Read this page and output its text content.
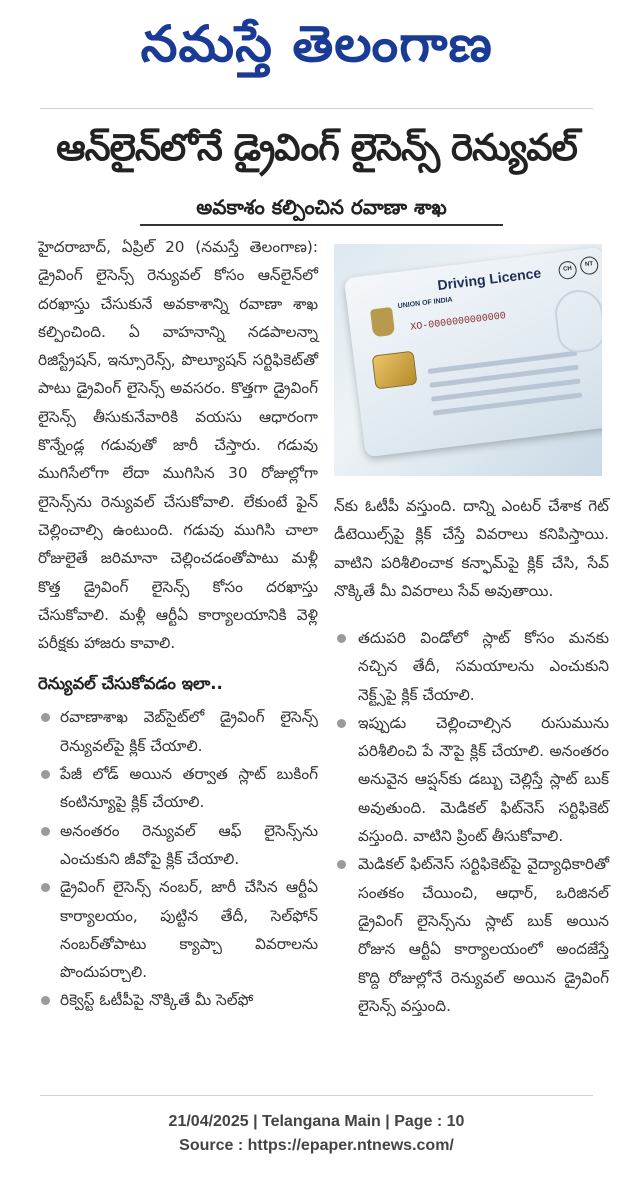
నమస్తే తెలంగాణ
ఆన్‌లైన్‌లోనే డ్రైవింగ్ లైసెన్స్ రెన్యువల్
అవకాశం కల్పించిన రవాణా శాఖ

హైదరాబాద్, ఏప్రిల్ 20 (నమస్తే తెలంగాణ): డ్రైవింగ్ లైసెన్స్ రెన్యువల్ కోసం ఆన్‌లైన్‌లో దరఖాస్తు చేసుకునే అవకాశాన్ని రవాణా శాఖ కల్పించింది. ఏ వాహనాన్ని నడపాలన్నా రిజిస్ట్రేషన్, ఇన్సూరెన్స్, పొల్యూషన్ సర్టిఫికెట్‌తో పాటు డ్రైవింగ్ లైసెన్స్ అవసరం. కొత్తగా డ్రైవింగ్ లైసెన్స్ తీసుకునేవారికి వయసు ఆధారంగా కొన్నేండ్ల గడువుతో జారీ చేస్తారు. గడువు ముగిసేలోగా లేదా ముగిసిన 30 రోజుల్లోగా లైసెన్స్‌ను రెన్యువల్ చేసుకోవాలి. లేకుంటే ఫైన్ చెల్లించాల్సి ఉంటుంది. గడువు ముగిసి చాలా రోజులైతే జరిమానా చెల్లించడంతోపాటు మళ్లీ కొత్త డ్రైవింగ్ లైసెన్స్ కోసం దరఖాస్తు చేసుకోవాలి. మళ్లీ ఆర్టీఏ కార్యాలయానికి వెళ్లి పరీక్షకు హాజరు కావాలి.

రెన్యువల్ చేసుకోవడం ఇలా..
రవాణాశాఖ వెబ్‌సైట్‌లో డ్రైవింగ్ లైసెన్స్ రెన్యువల్‌పై క్లిక్ చేయాలి.
పేజీ లోడ్ అయిన తర్వాత స్లాట్ బుకింగ్ కంటిన్యూపై క్లిక్ చేయాలి.
అనంతరం రెన్యువల్ ఆఫ్ లైసెన్స్‌ను ఎంచుకుని జీవోపై క్లిక్ చేయాలి.
డ్రైవింగ్ లైసెన్స్ నంబర్, జారీ చేసిన ఆర్టీఏ కార్యాలయం, పుట్టిన తేదీ, సెల్‌ఫోన్ నంబర్‌తోపాటు క్యాప్చా వివరాలను పొందుపర్చాలి.
రిక్వెస్ట్ ఓటీపీపై నొక్కితే మీ సెల్‌ఫో
Driving Licence
UNION OF INDIA
XO-0000000000000
CH
NT

న్‌కు ఓటీపీ వస్తుంది. దాన్ని ఎంటర్ చేశాక గెట్ డీటెయిల్స్‌పై క్లిక్ చేస్తే వివరాలు కనిపిస్తాయి. వాటిని పరిశీలించాక కన్ఫామ్‌పై క్లిక్ చేసి, సేవ్ నొక్కితే మీ వివరాలు సేవ్ అవుతాయి.

తదుపరి విండోలో స్లాట్ కోసం మనకు నచ్చిన తేదీ, సమయాలను ఎంచుకుని నెక్ట్స్‌పై క్లిక్ చేయాలి.
ఇప్పుడు చెల్లించాల్సిన రుసుమును పరిశీలించి పే నౌపై క్లిక్ చేయాలి. అనంతరం అనువైన ఆప్షన్‌కు డబ్బు చెల్లిస్తే స్లాట్ బుక్ అవుతుంది. మెడికల్ ఫిట్‌నెస్ సర్టిఫికెట్ వస్తుంది. వాటిని ప్రింట్ తీసుకోవాలి.
మెడికల్ ఫిట్‌నెస్ సర్టిఫికెట్‌పై వైద్యాధికారితో సంతకం చేయించి, ఆధార్, ఒరిజినల్ డ్రైవింగ్ లైసెన్స్‌ను స్లాట్ బుక్ అయిన రోజున ఆర్టీఏ కార్యాలయంలో అందజేస్తే కొద్ది రోజుల్లోనే రెన్యువల్ అయిన డ్రైవింగ్ లైసెన్స్ వస్తుంది.
21/04/2025 | Telangana Main | Page : 10
Source : https://epaper.ntnews.com/
